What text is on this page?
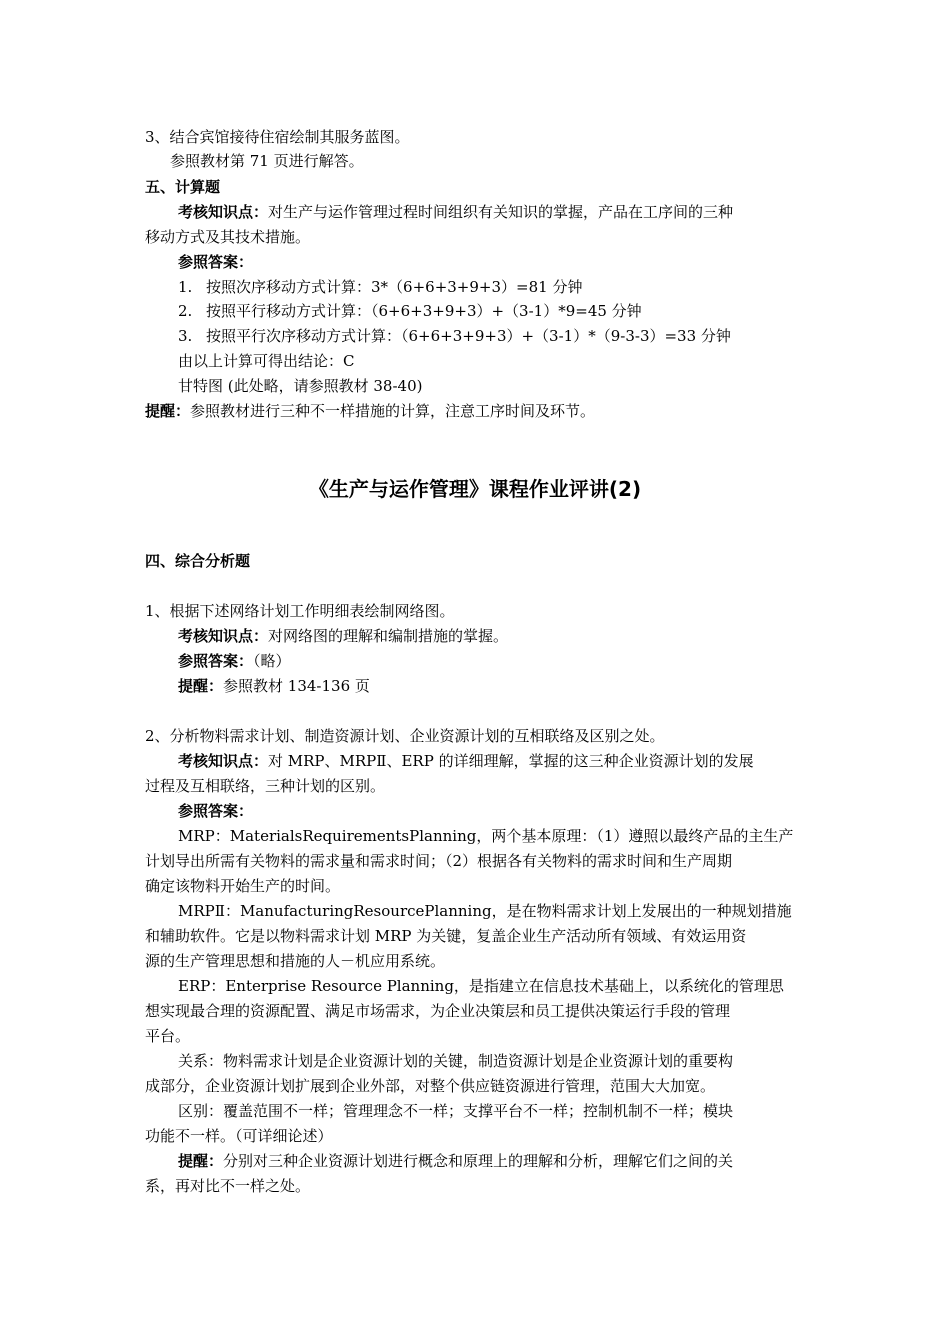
3、结合宾馆接待住宿绘制其服务蓝图。
参照教材第 71 页进行解答。
五、计算题
考核知识点：对生产与运作管理过程时间组织有关知识的掌握，产品在工序间的三种
移动方式及其技术措施。
参照答案：
1. 按照次序移动方式计算：3*（6+6+3+9+3）=81 分钟
2. 按照平行移动方式计算：（6+6+3+9+3）+（3-1）*9=45 分钟
3. 按照平行次序移动方式计算：（6+6+3+9+3）+（3-1）*（9-3-3）=33 分钟
由以上计算可得出结论：C
甘特图 (此处略，请参照教材 38-40)
提醒：参照教材进行三种不一样措施的计算，注意工序时间及环节。
《生产与运作管理》课程作业评讲(2)
四、综合分析题
1、根据下述网络计划工作明细表绘制网络图。
考核知识点：对网络图的理解和编制措施的掌握。
参照答案：（略）
提醒：参照教材 134-136 页
2、分析物料需求计划、制造资源计划、企业资源计划的互相联络及区别之处。
考核知识点：对 MRP、MRPⅡ、ERP 的详细理解，掌握的这三种企业资源计划的发展
过程及互相联络，三种计划的区别。
参照答案：
MRP：MaterialsRequirementsPlanning，两个基本原理：（1）遵照以最终产品的主生产
计划导出所需有关物料的需求量和需求时间；（2）根据各有关物料的需求时间和生产周期
确定该物料开始生产的时间。
MRPⅡ：ManufacturingResourcePlanning，是在物料需求计划上发展出的一种规划措施
和辅助软件。它是以物料需求计划 MRP 为关键，复盖企业生产活动所有领域、有效运用资
源的生产管理思想和措施的人－机应用系统。
ERP：Enterprise Resource Planning，是指建立在信息技术基础上，以系统化的管理思
想实现最合理的资源配置、满足市场需求，为企业决策层和员工提供决策运行手段的管理
平台。
关系：物料需求计划是企业资源计划的关键，制造资源计划是企业资源计划的重要构
成部分，企业资源计划扩展到企业外部，对整个供应链资源进行管理，范围大大加宽。
区别：覆盖范围不一样；管理理念不一样；支撑平台不一样；控制机制不一样；模块
功能不一样。（可详细论述）
提醒：分别对三种企业资源计划进行概念和原理上的理解和分析，理解它们之间的关
系，再对比不一样之处。
